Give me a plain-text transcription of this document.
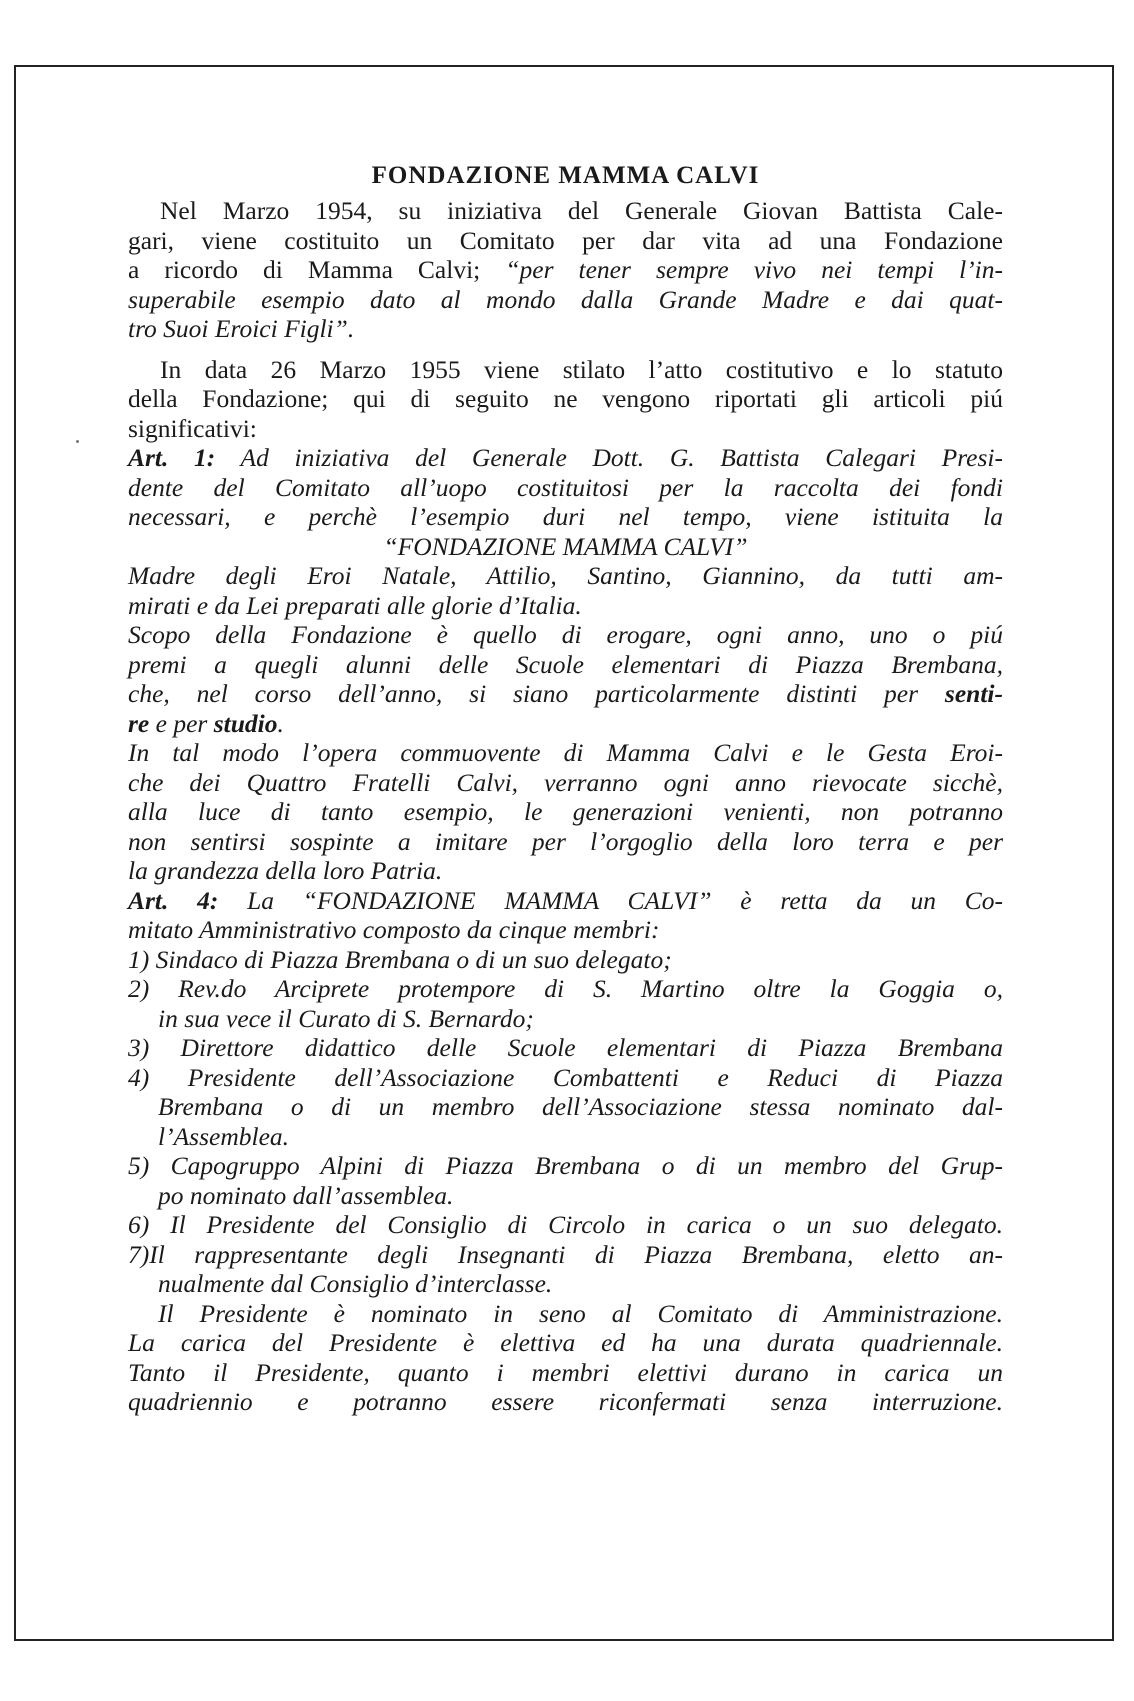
FONDAZIONE MAMMA CALVI
Nel Marzo 1954, su iniziativa del Generale Giovan Battista Cale-
gari, viene costituito un Comitato per dar vita ad una Fondazione
a ricordo di Mamma Calvi; “per tener sempre vivo nei tempi l’in-
superabile esempio dato al mondo dalla Grande Madre e dai quat-
tro Suoi Eroici Figli”.
In data 26 Marzo 1955 viene stilato l’atto costitutivo e lo statuto
della Fondazione; qui di seguito ne vengono riportati gli articoli piú
significativi:
Art. 1: Ad iniziativa del Generale Dott. G. Battista Calegari Presi-
dente del Comitato all’uopo costituitosi per la raccolta dei fondi
necessari, e perchè l’esempio duri nel tempo, viene istituita la
“FONDAZIONE MAMMA CALVI”
Madre degli Eroi Natale, Attilio, Santino, Giannino, da tutti am-
mirati e da Lei preparati alle glorie d’Italia.
Scopo della Fondazione è quello di erogare, ogni anno, uno o piú
premi a quegli alunni delle Scuole elementari di Piazza Brembana,
che, nel corso dell’anno, si siano particolarmente distinti per senti-
re e per studio.
In tal modo l’opera commuovente di Mamma Calvi e le Gesta Eroi-
che dei Quattro Fratelli Calvi, verranno ogni anno rievocate sicchè,
alla luce di tanto esempio, le generazioni venienti, non potranno
non sentirsi sospinte a imitare per l’orgoglio della loro terra e per
la grandezza della loro Patria.
Art. 4: La “FONDAZIONE MAMMA CALVI” è retta da un Co-
mitato Amministrativo composto da cinque membri:
1) Sindaco di Piazza Brembana o di un suo delegato;
2) Rev.do Arciprete protempore di S. Martino oltre la Goggia o,
in sua vece il Curato di S. Bernardo;
3) Direttore didattico delle Scuole elementari di Piazza Brembana
4) Presidente dell’Associazione Combattenti e Reduci di Piazza
Brembana o di un membro dell’Associazione stessa nominato dal-
l’Assemblea.
5) Capogruppo Alpini di Piazza Brembana o di un membro del Grup-
po nominato dall’assemblea.
6) Il Presidente del Consiglio di Circolo in carica o un suo delegato.
7)Il rappresentante degli Insegnanti di Piazza Brembana, eletto an-
nualmente dal Consiglio d’interclasse.
Il Presidente è nominato in seno al Comitato di Amministrazione.
La carica del Presidente è elettiva ed ha una durata quadriennale.
Tanto il Presidente, quanto i membri elettivi durano in carica un
quadriennio e potranno essere riconfermati senza interruzione.
